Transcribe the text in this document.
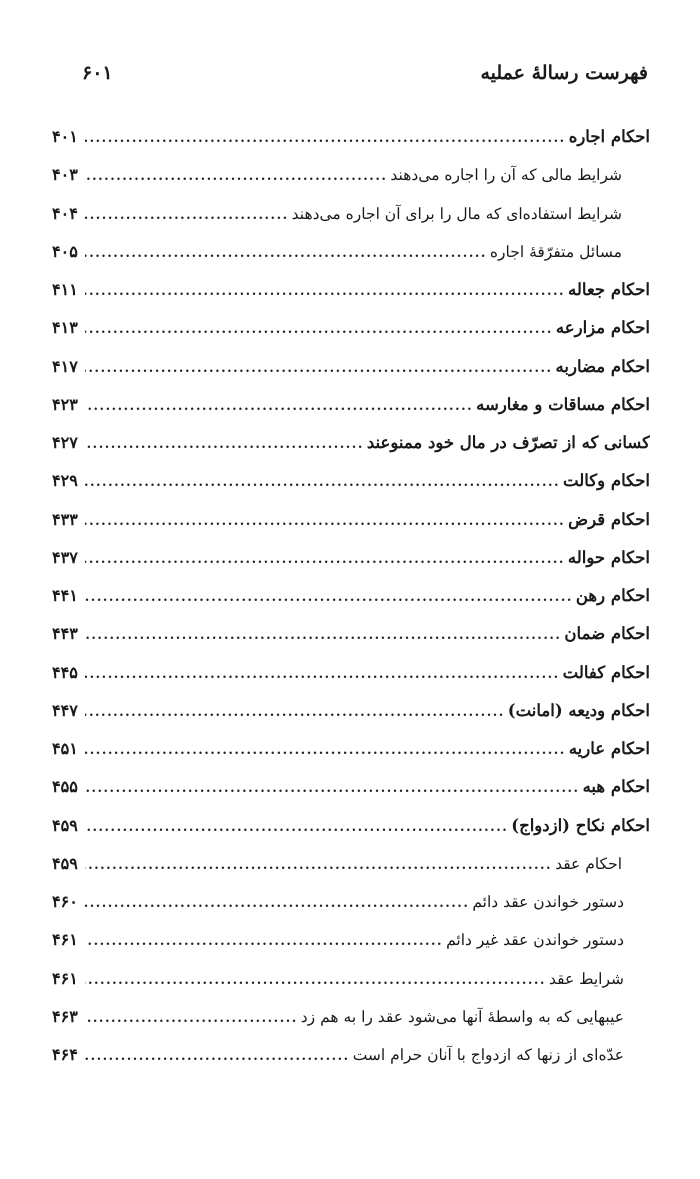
فهرست رسالهٔ عملیه
۶۰۱
احکام اجاره
.....
۴۰۱
شرایط مالی که آن را اجاره می‌دهند
.....
۴۰۳
شرایط استفاده‌ای که مال را برای آن اجاره می‌دهند
.....
۴۰۴
مسائل متفرّقهٔ اجاره
.....
۴۰۵
احکام جعاله
.....
۴۱۱
احکام مزارعه
.....
۴۱۳
احکام مضاربه
.....
۴۱۷
احکام مساقات و مغارسه
.....
۴۲۳
کسانی که از تصرّف در مال خود ممنوعند
.....
۴۲۷
احکام وکالت
.....
۴۲۹
احکام قرض
.....
۴۳۳
احکام حواله
.....
۴۳۷
احکام رهن
.....
۴۴۱
احکام ضمان
.....
۴۴۳
احکام کفالت
.....
۴۴۵
احکام ودیعه (امانت)
.....
۴۴۷
احکام عاریه
.....
۴۵۱
احکام هبه
.....
۴۵۵
احکام نکاح (ازدواج)
.....
۴۵۹
احکام عقد
.....
۴۵۹
دستور خواندن عقد دائم
.....
۴۶۰
دستور خواندن عقد غیر دائم
.....
۴۶۱
شرایط عقد
.....
۴۶۱
عیبهایی که به واسطهٔ آنها می‌شود عقد را به هم زد
.....
۴۶۳
عدّه‌ای از زنها که ازدواج با آنان حرام است
.....
۴۶۴
